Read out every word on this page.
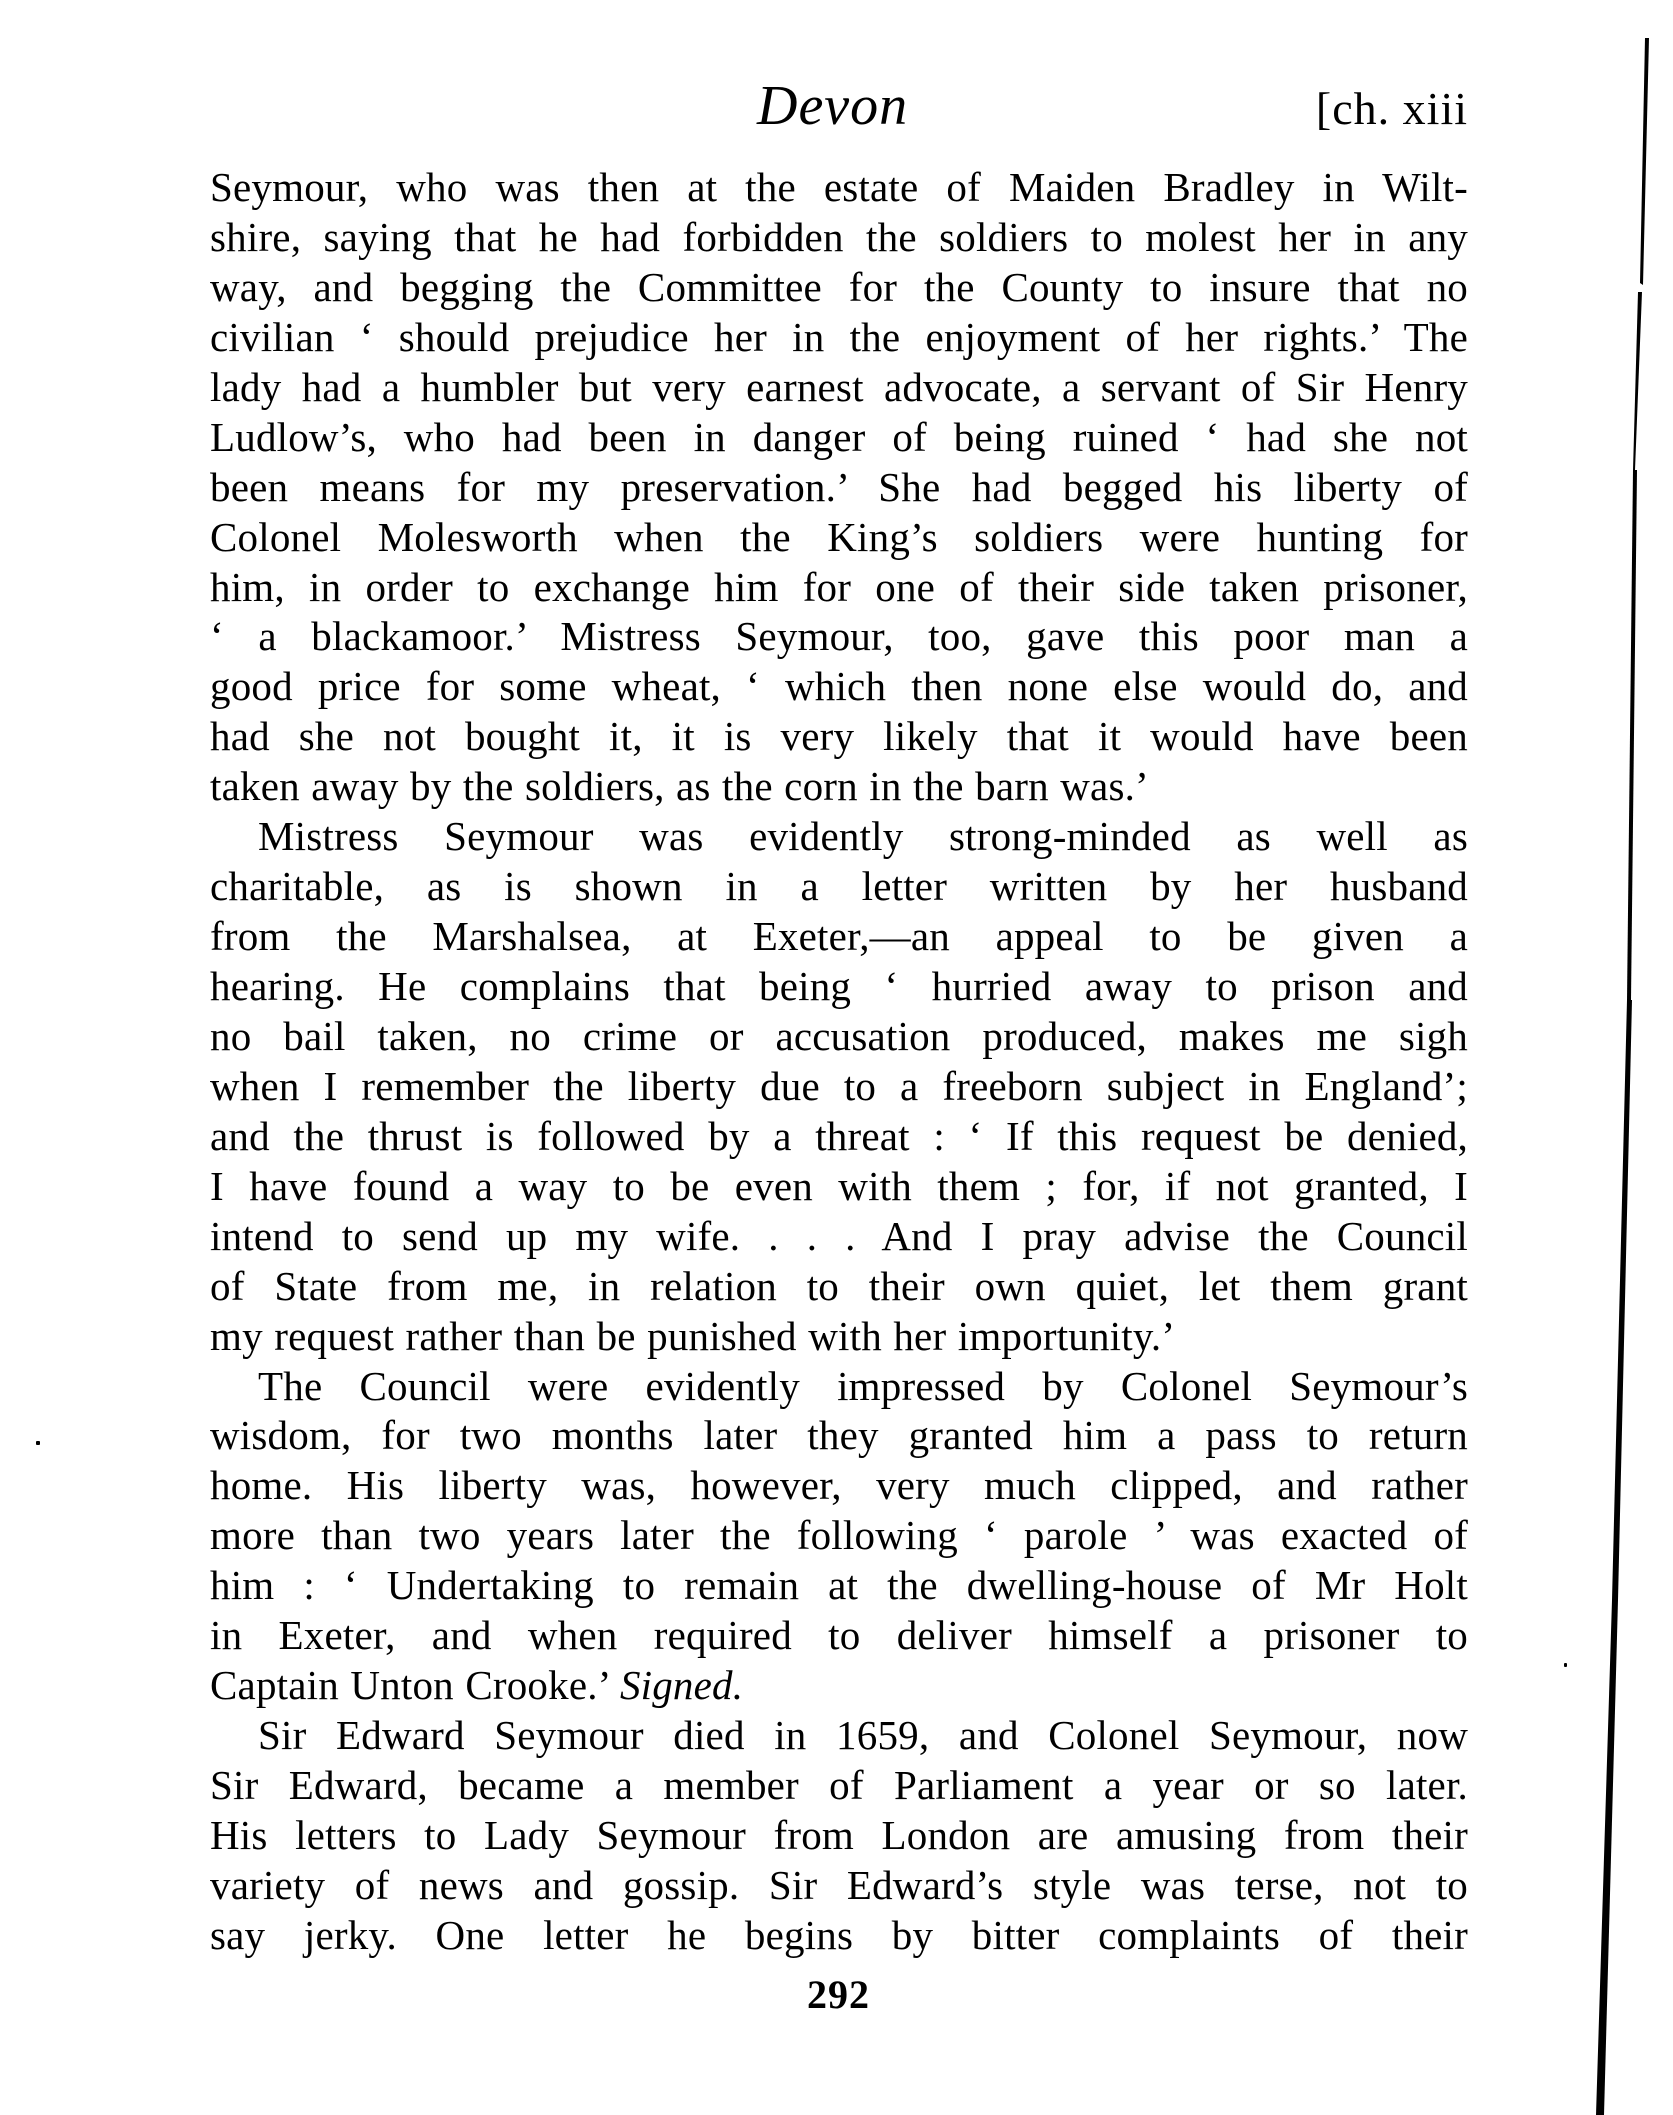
Devon	[ch. xiii
Seymour, who was then at the estate of Maiden Bradley in Wilt-
shire, saying that he had forbidden the soldiers to molest her in any
way, and begging the Committee for the County to insure that no
civilian ‘ should prejudice her in the enjoyment of her rights.’ The
lady had a humbler but very earnest advocate, a servant of Sir Henry
Ludlow’s, who had been in danger of being ruined ‘ had she not
been means for my preservation.’ She had begged his liberty of
Colonel Molesworth when the King’s soldiers were hunting for
him, in order to exchange him for one of their side taken prisoner,
‘ a blackamoor.’ Mistress Seymour, too, gave this poor man a
good price for some wheat, ‘ which then none else would do, and
had she not bought it, it is very likely that it would have been
taken away by the soldiers, as the corn in the barn was.’
Mistress Seymour was evidently strong-minded as well as
charitable, as is shown in a letter written by her husband
from the Marshalsea, at Exeter,—an appeal to be given a
hearing. He complains that being ‘ hurried away to prison and
no bail taken, no crime or accusation produced, makes me sigh
when I remember the liberty due to a freeborn subject in England’;
and the thrust is followed by a threat : ‘ If this request be denied,
I have found a way to be even with them ; for, if not granted, I
intend to send up my wife. . . . And I pray advise the Council
of State from me, in relation to their own quiet, let them grant
my request rather than be punished with her importunity.’
The Council were evidently impressed by Colonel Seymour’s
wisdom, for two months later they granted him a pass to return
home. His liberty was, however, very much clipped, and rather
more than two years later the following ‘ parole ’ was exacted of
him : ‘ Undertaking to remain at the dwelling-house of Mr Holt
in Exeter, and when required to deliver himself a prisoner to
Captain Unton Crooke.’ Signed.
Sir Edward Seymour died in 1659, and Colonel Seymour, now
Sir Edward, became a member of Parliament a year or so later.
His letters to Lady Seymour from London are amusing from their
variety of news and gossip. Sir Edward’s style was terse, not to
say jerky. One letter he begins by bitter complaints of their
292
